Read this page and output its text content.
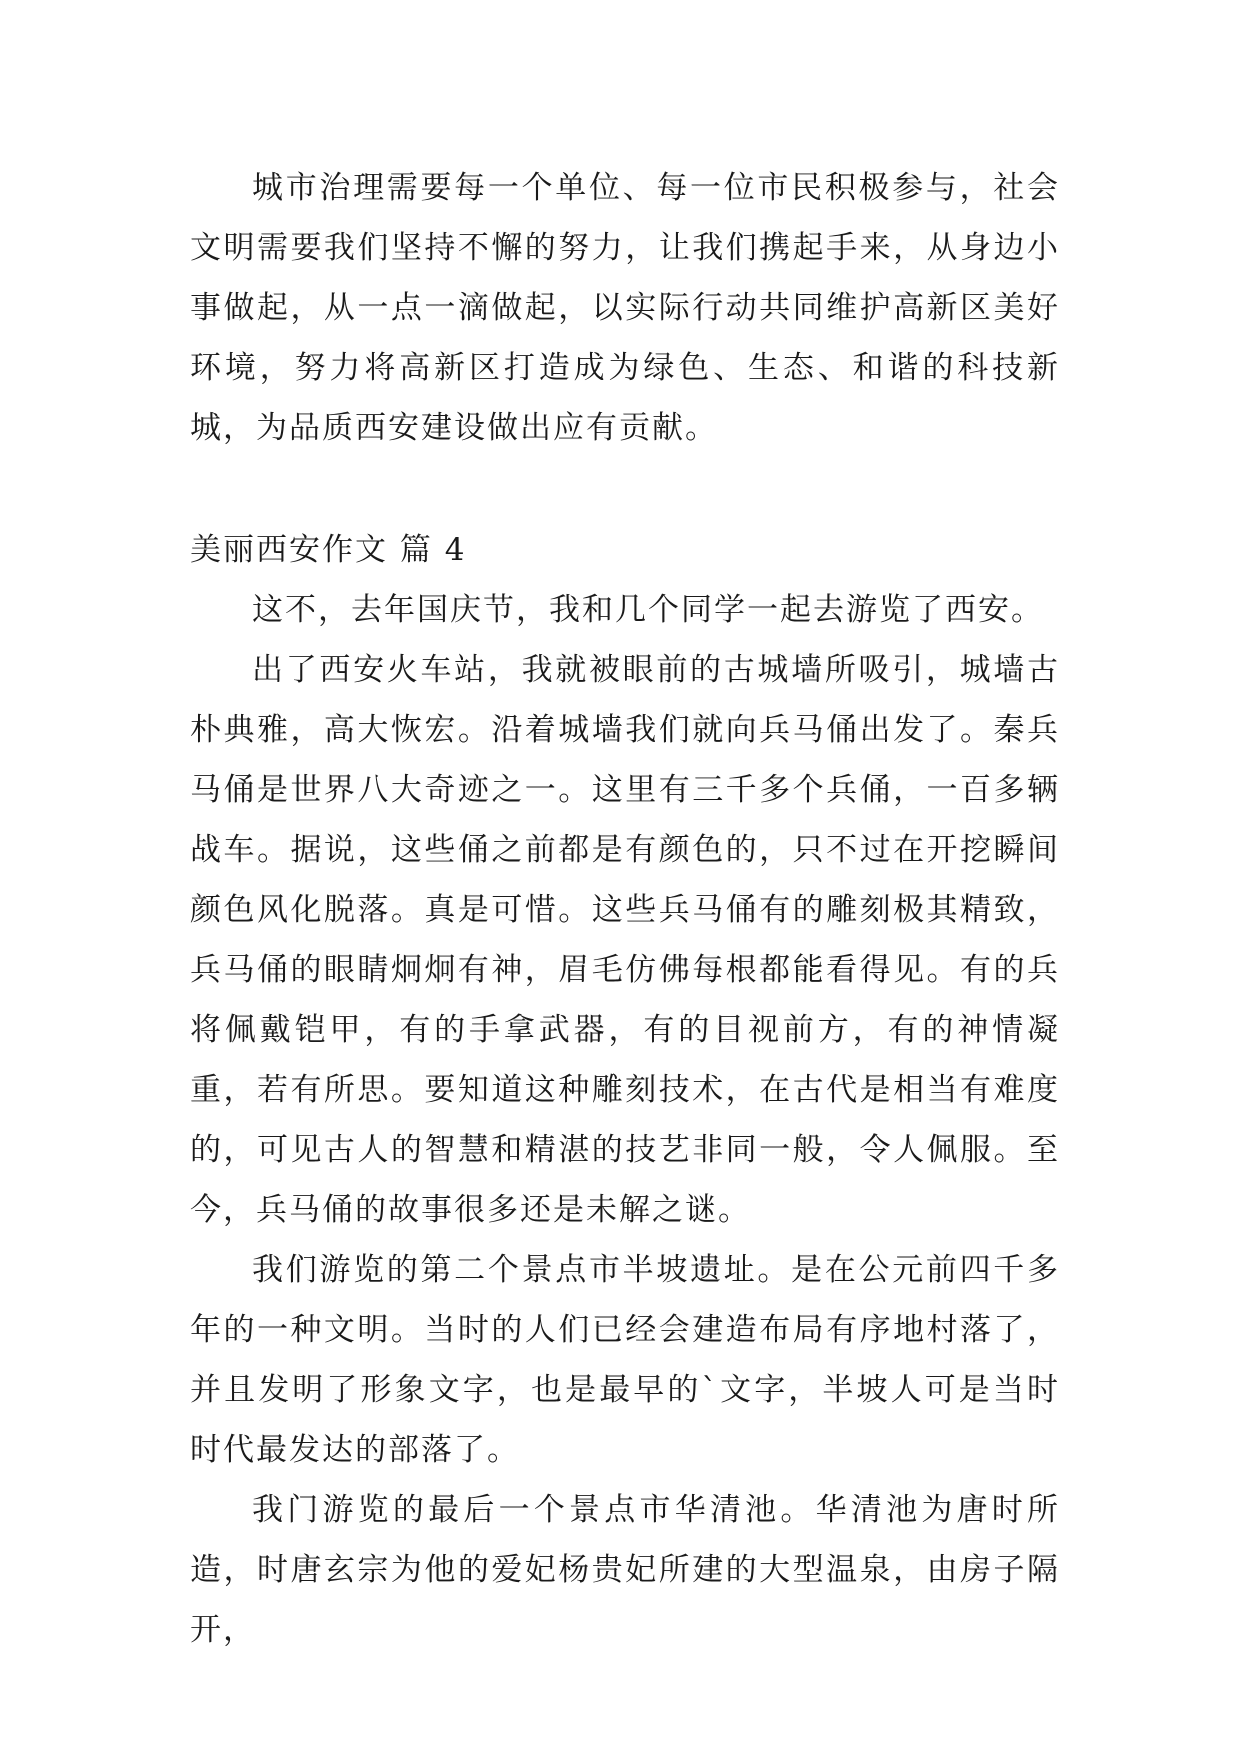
城市治理需要每一个单位、每一位市民积极参与，社会文明需要我们坚持不懈的努力，让我们携起手来，从身边小事做起，从一点一滴做起，以实际行动共同维护高新区美好环境，努力将高新区打造成为绿色、生态、和谐的科技新城，为品质西安建设做出应有贡献。

美丽西安作文 篇 4

这不，去年国庆节，我和几个同学一起去游览了西安。

出了西安火车站，我就被眼前的古城墙所吸引，城墙古朴典雅，高大恢宏。沿着城墙我们就向兵马俑出发了。秦兵马俑是世界八大奇迹之一。这里有三千多个兵俑，一百多辆战车。据说，这些俑之前都是有颜色的，只不过在开挖瞬间颜色风化脱落。真是可惜。这些兵马俑有的雕刻极其精致，兵马俑的眼睛炯炯有神，眉毛仿佛每根都能看得见。有的兵将佩戴铠甲，有的手拿武器，有的目视前方，有的神情凝重，若有所思。要知道这种雕刻技术，在古代是相当有难度的，可见古人的智慧和精湛的技艺非同一般，令人佩服。至今，兵马俑的故事很多还是未解之谜。

我们游览的第二个景点市半坡遗址。是在公元前四千多年的一种文明。当时的人们已经会建造布局有序地村落了，并且发明了形象文字，也是最早的`文字，半坡人可是当时时代最发达的部落了。

我门游览的最后一个景点市华清池。华清池为唐时所造，时唐玄宗为他的爱妃杨贵妃所建的大型温泉，由房子隔开，
